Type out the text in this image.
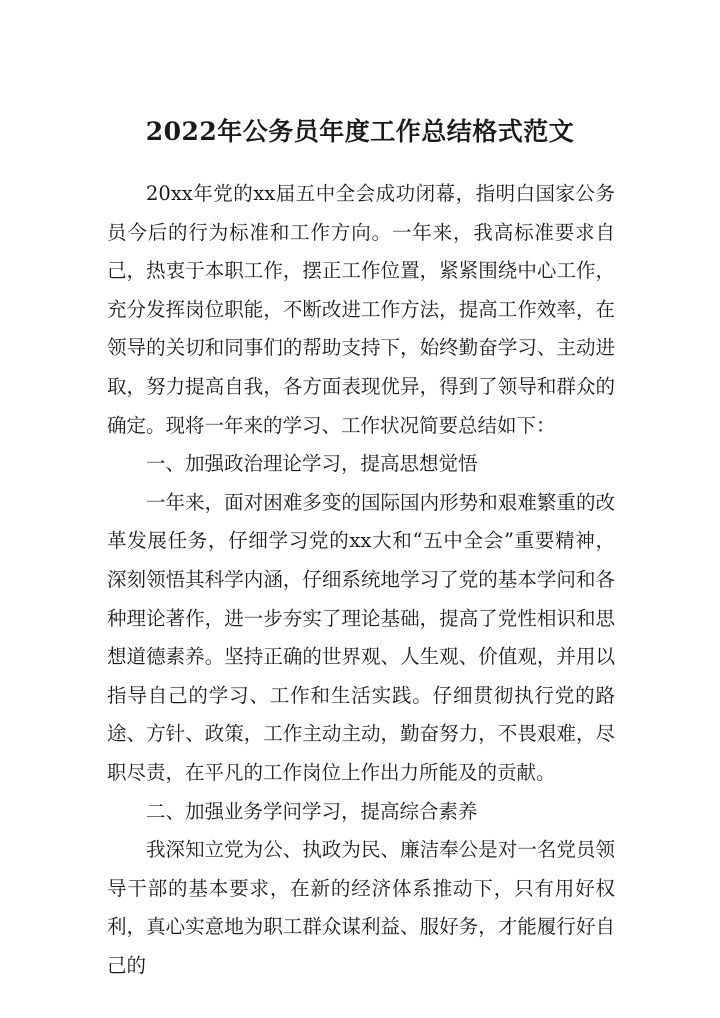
2022年公务员年度工作总结格式范文

20xx年党的xx届五中全会成功闭幕，指明白国家公务员今后的行为标准和工作方向。一年来，我高标准要求自己，热衷于本职工作，摆正工作位置，紧紧围绕中心工作，充分发挥岗位职能，不断改进工作方法，提高工作效率，在领导的关切和同事们的帮助支持下，始终勤奋学习、主动进取，努力提高自我，各方面表现优异，得到了领导和群众的确定。现将一年来的学习、工作状况简要总结如下：

一、加强政治理论学习，提高思想觉悟

一年来，面对困难多变的国际国内形势和艰难繁重的改革发展任务，仔细学习党的xx大和“五中全会”重要精神，深刻领悟其科学内涵，仔细系统地学习了党的基本学问和各种理论著作，进一步夯实了理论基础，提高了党性相识和思想道德素养。坚持正确的世界观、人生观、价值观，并用以指导自己的学习、工作和生活实践。仔细贯彻执行党的路途、方针、政策，工作主动主动，勤奋努力，不畏艰难，尽职尽责，在平凡的工作岗位上作出力所能及的贡献。

二、加强业务学问学习，提高综合素养

我深知立党为公、执政为民、廉洁奉公是对一名党员领导干部的基本要求，在新的经济体系推动下，只有用好权利，真心实意地为职工群众谋利益、服好务，才能履行好自己的
